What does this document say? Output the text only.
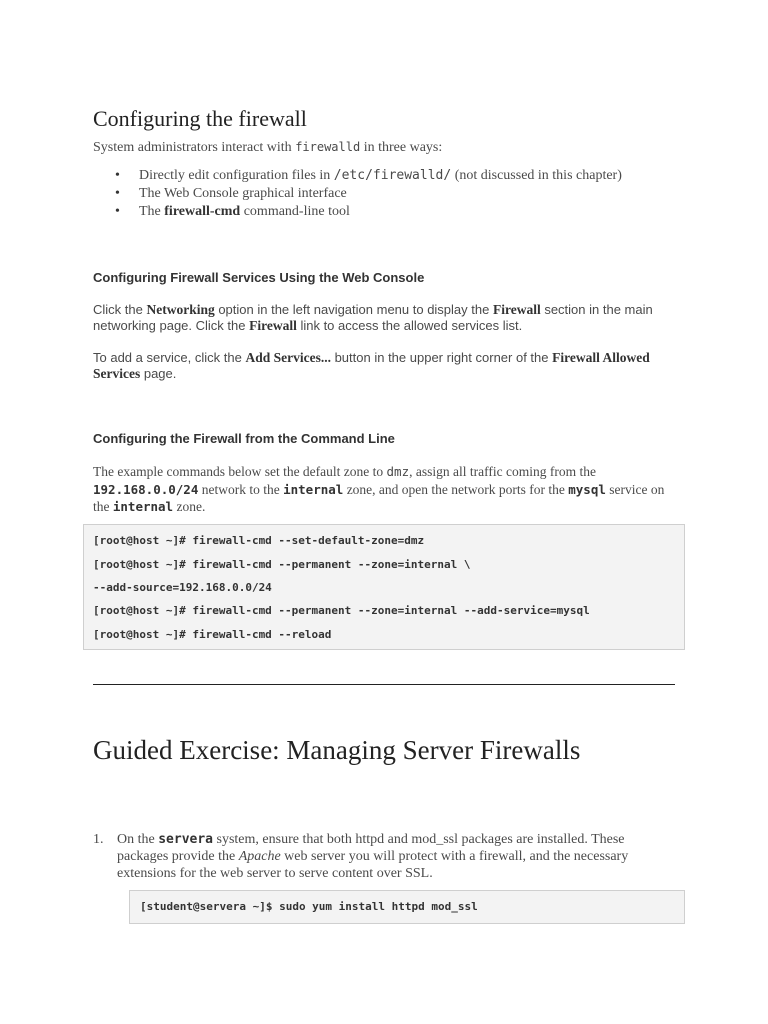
Configuring the firewall
System administrators interact with firewalld in three ways:
• Directly edit configuration files in /etc/firewalld/ (not discussed in this chapter)
• The Web Console graphical interface
• The firewall-cmd command-line tool
Configuring Firewall Services Using the Web Console
Click the Networking option in the left navigation menu to display the Firewall section in the main networking page. Click the Firewall link to access the allowed services list.
To add a service, click the Add Services... button in the upper right corner of the Firewall Allowed Services page.
Configuring the Firewall from the Command Line
The example commands below set the default zone to dmz, assign all traffic coming from the 192.168.0.0/24 network to the internal zone, and open the network ports for the mysql service on the internal zone.
[root@host ~]# firewall-cmd --set-default-zone=dmz
[root@host ~]# firewall-cmd --permanent --zone=internal \
--add-source=192.168.0.0/24
[root@host ~]# firewall-cmd --permanent --zone=internal --add-service=mysql
[root@host ~]# firewall-cmd --reload
Guided Exercise: Managing Server Firewalls
1. On the servera system, ensure that both httpd and mod_ssl packages are installed. These packages provide the Apache web server you will protect with a firewall, and the necessary extensions for the web server to serve content over SSL.
[student@servera ~]$ sudo yum install httpd mod_ssl
